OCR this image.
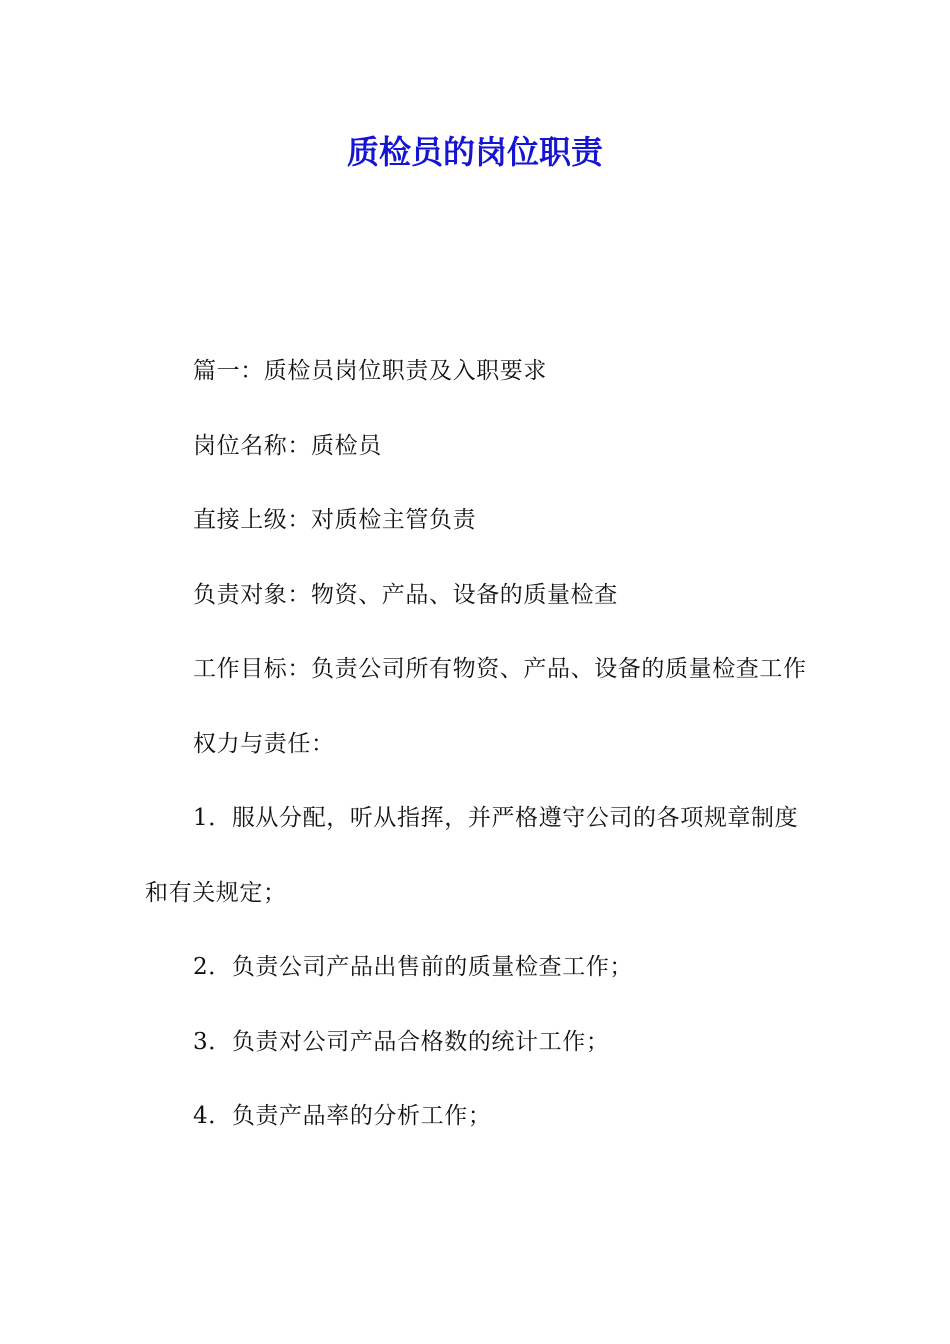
质检员的岗位职责

篇一：质检员岗位职责及入职要求

岗位名称：质检员

直接上级：对质检主管负责

负责对象：物资、产品、设备的质量检查

工作目标：负责公司所有物资、产品、设备的质量检查工作

权力与责任：

1．服从分配，听从指挥，并严格遵守公司的各项规章制度和有关规定；

2．负责公司产品出售前的质量检查工作；

3．负责对公司产品合格数的统计工作；

4．负责产品率的分析工作；
